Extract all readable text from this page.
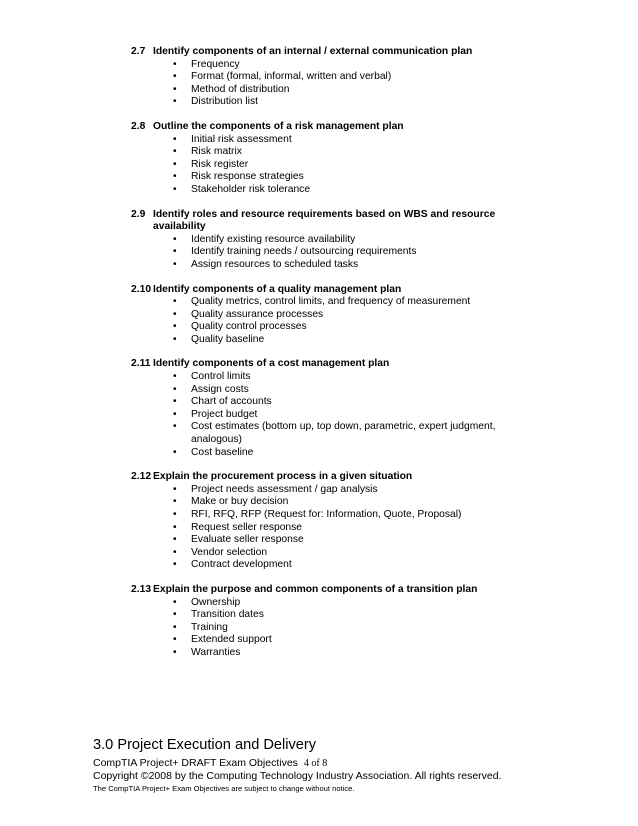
2.7 Identify components of an internal / external communication plan
• Frequency
• Format (formal, informal, written and verbal)
• Method of distribution
• Distribution list
2.8 Outline the components of a risk management plan
• Initial risk assessment
• Risk matrix
• Risk register
• Risk response strategies
• Stakeholder risk tolerance
2.9 Identify roles and resource requirements based on WBS and resource availability
• Identify existing resource availability
• Identify training needs / outsourcing requirements
• Assign resources to scheduled tasks
2.10 Identify components of a quality management plan
• Quality metrics, control limits, and frequency of measurement
• Quality assurance processes
• Quality control processes
• Quality baseline
2.11 Identify components of a cost management plan
• Control limits
• Assign costs
• Chart of accounts
• Project budget
• Cost estimates (bottom up, top down, parametric, expert judgment, analogous)
• Cost baseline
2.12 Explain the procurement process in a given situation
• Project needs assessment / gap analysis
• Make or buy decision
• RFI, RFQ, RFP (Request for: Information, Quote, Proposal)
• Request seller response
• Evaluate seller response
• Vendor selection
• Contract development
2.13 Explain the purpose and common components of a transition plan
• Ownership
• Transition dates
• Training
• Extended support
• Warranties
3.0 Project Execution and Delivery
CompTIA Project+ DRAFT Exam Objectives 4 of 8
Copyright ©2008 by the Computing Technology Industry Association. All rights reserved.
The CompTIA Project+ Exam Objectives are subject to change without notice.
